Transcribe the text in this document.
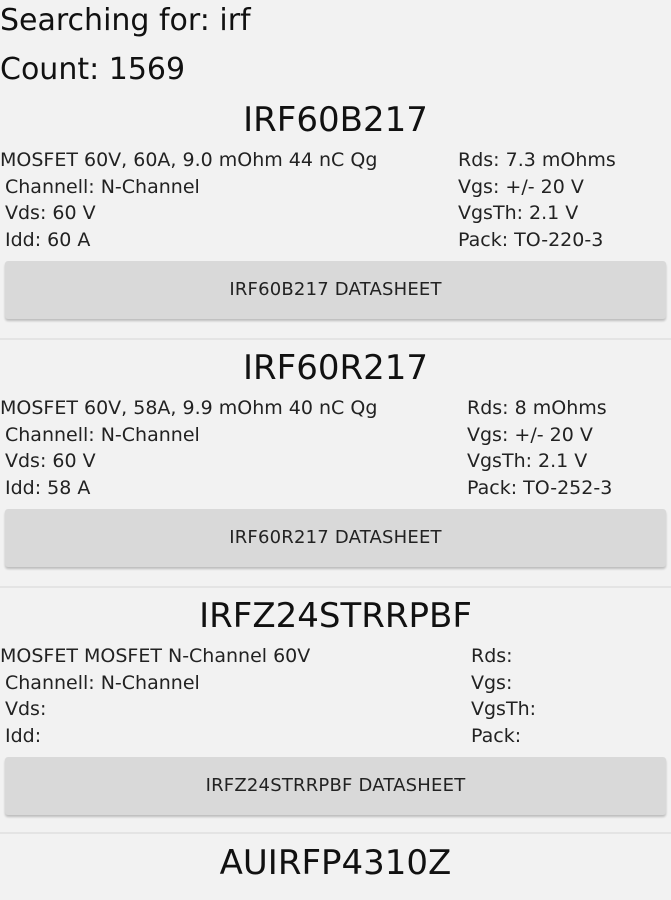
Searching for: irf
Count: 1569
IRF60B217
MOSFET 60V, 60A, 9.0 mOhm 44 nC Qg
Channell: N-Channel
Vds: 60 V
Idd: 60 A
Rds: 7.3 mOhms
Vgs: +/- 20 V
VgsTh: 2.1 V
Pack: TO-220-3
IRF60B217 DATASHEET
IRF60R217
MOSFET 60V, 58A, 9.9 mOhm 40 nC Qg
Channell: N-Channel
Vds: 60 V
Idd: 58 A
Rds: 8 mOhms
Vgs: +/- 20 V
VgsTh: 2.1 V
Pack: TO-252-3
IRF60R217 DATASHEET
IRFZ24STRRPBF
MOSFET MOSFET N-Channel 60V
Channell: N-Channel
Vds:
Idd:
Rds:
Vgs:
VgsTh:
Pack:
IRFZ24STRRPBF DATASHEET
AUIRFP4310Z
